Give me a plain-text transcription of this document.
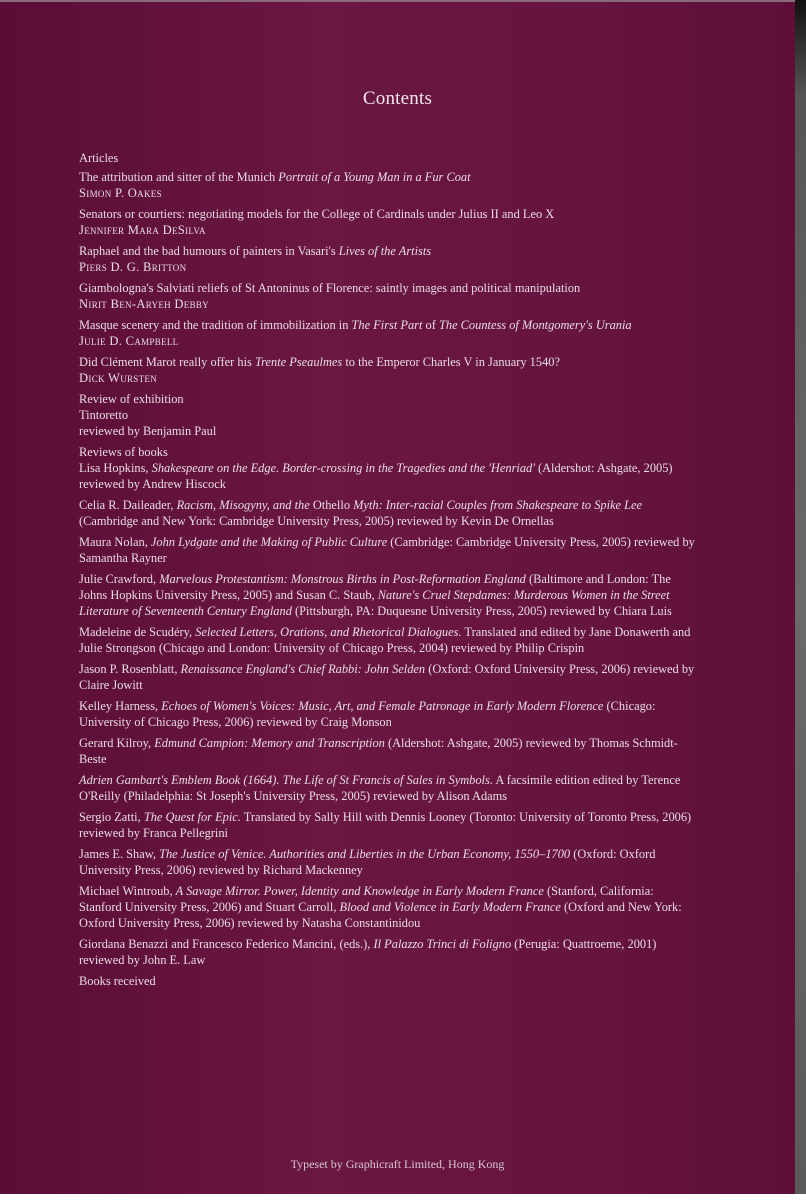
Contents
Articles
The attribution and sitter of the Munich Portrait of a Young Man in a Fur Coat
Simon P. Oakes
Senators or courtiers: negotiating models for the College of Cardinals under Julius II and Leo X
Jennifer Mara DeSilva
Raphael and the bad humours of painters in Vasari's Lives of the Artists
Piers D. G. Britton
Giambologna's Salviati reliefs of St Antoninus of Florence: saintly images and political manipulation
Nirit Ben-Aryeh Debby
Masque scenery and the tradition of immobilization in The First Part of The Countess of Montgomery's Urania
Julie D. Campbell
Did Clément Marot really offer his Trente Pseaulmes to the Emperor Charles V in January 1540?
Dick Wursten
Review of exhibition
Tintoretto
reviewed by Benjamin Paul
Reviews of books
Lisa Hopkins, Shakespeare on the Edge. Border-crossing in the Tragedies and the 'Henriad' (Aldershot: Ashgate, 2005) reviewed by Andrew Hiscock
Celia R. Daileader, Racism, Misogyny, and the Othello Myth: Inter-racial Couples from Shakespeare to Spike Lee (Cambridge and New York: Cambridge University Press, 2005) reviewed by Kevin De Ornellas
Maura Nolan, John Lydgate and the Making of Public Culture (Cambridge: Cambridge University Press, 2005) reviewed by Samantha Rayner
Julie Crawford, Marvelous Protestantism: Monstrous Births in Post-Reformation England (Baltimore and London: The Johns Hopkins University Press, 2005) and Susan C. Staub, Nature's Cruel Stepdames: Murderous Women in the Street Literature of Seventeenth Century England (Pittsburgh, PA: Duquesne University Press, 2005) reviewed by Chiara Luis
Madeleine de Scudéry, Selected Letters, Orations, and Rhetorical Dialogues. Translated and edited by Jane Donawerth and Julie Strongson (Chicago and London: University of Chicago Press, 2004) reviewed by Philip Crispin
Jason P. Rosenblatt, Renaissance England's Chief Rabbi: John Selden (Oxford: Oxford University Press, 2006) reviewed by Claire Jowitt
Kelley Harness, Echoes of Women's Voices: Music, Art, and Female Patronage in Early Modern Florence (Chicago: University of Chicago Press, 2006) reviewed by Craig Monson
Gerard Kilroy, Edmund Campion: Memory and Transcription (Aldershot: Ashgate, 2005) reviewed by Thomas Schmidt-Beste
Adrien Gambart's Emblem Book (1664). The Life of St Francis of Sales in Symbols. A facsimile edition edited by Terence O'Reilly (Philadelphia: St Joseph's University Press, 2005) reviewed by Alison Adams
Sergio Zatti, The Quest for Epic. Translated by Sally Hill with Dennis Looney (Toronto: University of Toronto Press, 2006) reviewed by Franca Pellegrini
James E. Shaw, The Justice of Venice. Authorities and Liberties in the Urban Economy, 1550–1700 (Oxford: Oxford University Press, 2006) reviewed by Richard Mackenney
Michael Wintroub, A Savage Mirror. Power, Identity and Knowledge in Early Modern France (Stanford, California: Stanford University Press, 2006) and Stuart Carroll, Blood and Violence in Early Modern France (Oxford and New York: Oxford University Press, 2006) reviewed by Natasha Constantinidou
Giordana Benazzi and Francesco Federico Mancini, (eds.), Il Palazzo Trinci di Foligno (Perugia: Quattroeme, 2001) reviewed by John E. Law
Books received
Typeset by Graphicraft Limited, Hong Kong
